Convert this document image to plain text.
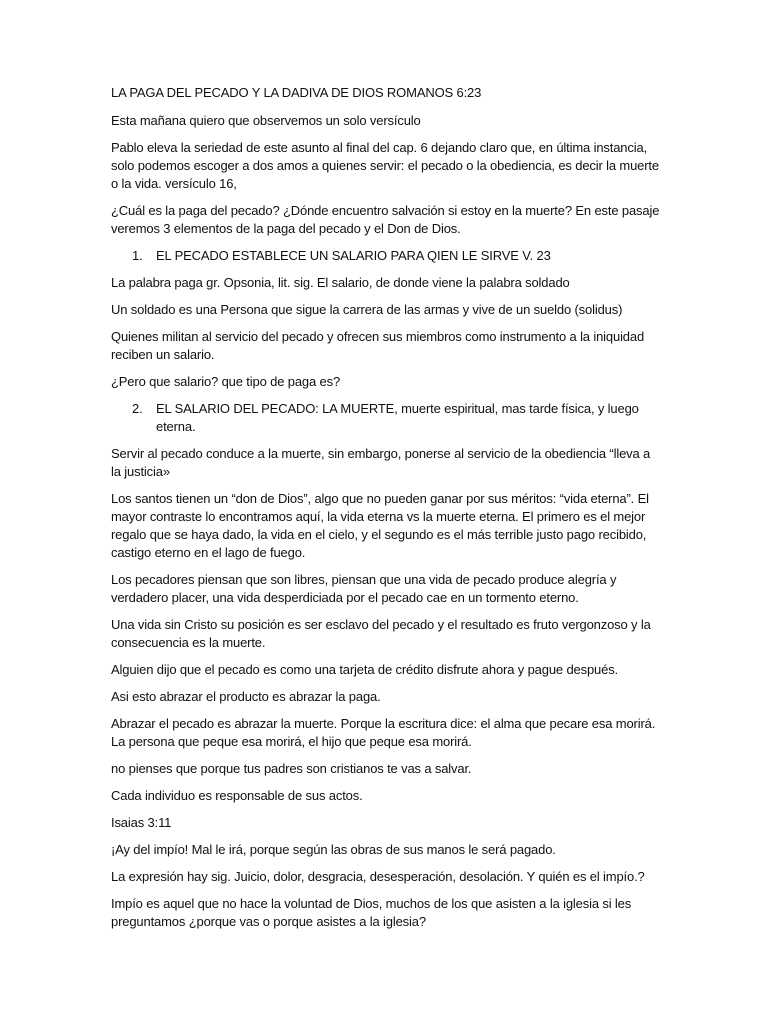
LA PAGA DEL PECADO Y LA DADIVA DE DIOS ROMANOS 6:23
Esta mañana quiero que observemos un solo versículo
Pablo eleva la seriedad de este asunto al final del cap. 6 dejando claro que, en última instancia, solo podemos escoger a dos amos a quienes servir: el pecado o la obediencia, es decir la muerte o la vida. versículo 16,
¿Cuál es la paga del pecado? ¿Dónde encuentro salvación si estoy en la muerte? En este pasaje veremos 3 elementos de la paga del pecado y el Don de Dios.
1.	EL PECADO ESTABLECE UN SALARIO PARA QIEN LE SIRVE V. 23
La palabra paga gr. Opsonia, lit. sig. El salario, de donde viene la palabra soldado
Un soldado es una Persona que sigue la carrera de las armas y vive de un sueldo (solidus)
Quienes militan al servicio del pecado y ofrecen sus miembros como instrumento a la iniquidad reciben un salario.
¿Pero que salario? que tipo de paga es?
2.	EL SALARIO DEL PECADO: LA MUERTE, muerte espiritual, mas tarde física, y luego eterna.
Servir al pecado conduce a la muerte, sin embargo, ponerse al servicio de la obediencia “lleva a la justicia»
Los santos tienen un “don de Dios”, algo que no pueden ganar por sus méritos: “vida eterna”. El mayor contraste lo encontramos aquí, la vida eterna vs la muerte eterna. El primero es el mejor regalo que se haya dado, la vida en el cielo, y el segundo es el más terrible justo pago recibido, castigo eterno en el lago de fuego.
Los pecadores piensan que son libres, piensan que una vida de pecado produce alegría y verdadero placer, una vida desperdiciada por el pecado cae en un tormento eterno.
Una vida sin Cristo su posición es ser esclavo del pecado y el resultado es fruto vergonzoso y la consecuencia es la muerte.
Alguien dijo que el pecado es como una tarjeta de crédito disfrute ahora y pague después.
Asi esto abrazar el producto es abrazar la paga.
Abrazar el pecado es abrazar la muerte. Porque la escritura dice: el alma que pecare esa morirá. La persona que peque esa morirá, el hijo que peque esa morirá.
no pienses que porque tus padres son cristianos te vas a salvar.
Cada individuo es responsable de sus actos.
Isaias 3:11
¡Ay del impío! Mal le irá, porque según las obras de sus manos le será pagado.
La expresión hay sig. Juicio, dolor, desgracia, desesperación, desolación. Y quién es el impío.?
Impío es aquel que no hace la voluntad de Dios, muchos de los que asisten a la iglesia si les preguntamos ¿porque vas o porque asistes a la iglesia?
